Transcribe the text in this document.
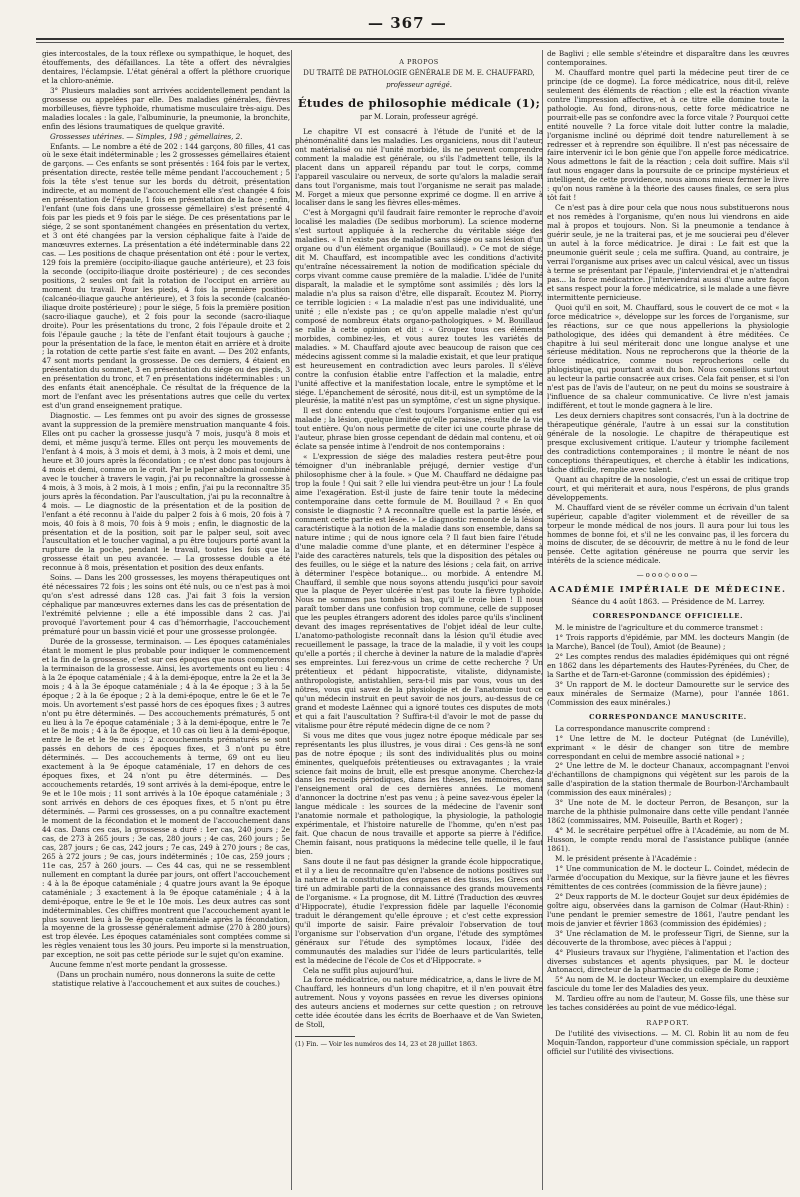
— 367 —

gies intercostales, de la toux réflexe ou sympathique, le hoquet, des étouffements, des défaillances. La tête a offert des névralgies dentaires, l'éclampsie. L'état général a offert la pléthore cruorique et la chloro-anémie.

3° Plusieurs maladies sont arrivées accidentellement pendant la grossesse ou appelées par elle. Des maladies générales, fièvres morbilleuses, fièvre typhoïde, rhumatisme musculaire très-aigu. Des maladies locales : la gale, l'albuminurie, la pneumonie, la bronchite, enfin des lésions traumatiques de quelque gravité.

Grossesses utérines. — Simples, 198 ; gémellaires, 2.

Enfants. — Le nombre a été de 202 : 144 garçons, 80 filles, 41 cas où le sexe était indéterminable ; les 2 grossesses gémellaires étaient de garçons. — Ces enfants se sont présentés : 164 fois par le vertex, présentation directe, restée telle même pendant l'accouchement ; 5 fois la tête s'est tenue sur les bords du détroit, présentation indirecte, et au moment de l'accouchement elle s'est changée 4 fois en présentation de l'épaule, 1 fois en présentation de la face ; enfin, l'enfant (une fois dans une grossesse gémellaire) s'est présenté 4 fois par les pieds et 9 fois par le siége. De ces présentations par le siége, 2 se sont spontanément changées en présentation du vertex, et 3 ont été changées par la version céphalique faite à l'aide de manœuvres externes. La présentation a été indéterminable dans 22 cas. — Les positions de chaque présentation ont été : pour le vertex, 129 fois la première (occipito-iliaque gauche antérieure), et 23 fois la seconde (occipito-iliaque droite postérieure) ; de ces secondes positions, 2 seules ont fait la rotation de l'occiput en arrière au moment du travail. Pour les pieds, 4 fois la première position (calcanéo-iliaque gauche antérieure), et 3 fois la seconde (calcanéo-iliaque droite postérieure) ; pour le siége, 5 fois la première position (sacro-iliaque gauche), et 2 fois pour la seconde (sacro-iliaque droite). Pour les présentations du tronc, 2 fois l'épaule droite et 2 fois l'épaule gauche ; la tête de l'enfant était toujours à gauche ; pour la présentation de la face, le menton était en arrière et à droite ; la rotation de cette partie s'est faite en avant. — Des 202 enfants, 47 sont morts pendant la grossesse. De ces derniers, 4 étaient en présentation du sommet, 3 en présentation du siége ou des pieds, 3 en présentation du tronc, et 7 en présentations indéterminables : un des enfants était anencéphale. Ce résultat de la fréquence de la mort de l'enfant avec les présentations autres que celle du vertex est d'un grand enseignement pratique.

Diagnostic. — Les femmes ont pu avoir des signes de grossesse avant la suppression de la première menstruation manquante 4 fois. Elles ont pu cacher la grossesse jusqu'à 7 mois, jusqu'à 8 mois et demi, et même jusqu'à terme. Elles ont perçu les mouvements de l'enfant à 4 mois, à 3 mois et demi, à 3 mois, à 2 mois et demi, une heure et 30 jours après la fécondation ; ce n'est donc pas toujours à 4 mois et demi, comme on le croit. Par le palper abdominal combiné avec le toucher à travers le vagin, j'ai pu reconnaître la grossesse à 4 mois, à 3 mois, à 2 mois, à 1 mois ; enfin, j'ai pu la reconnaître 35 jours après la fécondation. Par l'auscultation, j'ai pu la reconnaître à 4 mois. — Le diagnostic de la présentation et de la position de l'enfant a été reconnu à l'aide du palper 2 fois à 6 mois, 20 fois à 7 mois, 40 fois à 8 mois, 70 fois à 9 mois ; enfin, le diagnostic de la présentation et de la position, soit par le palper seul, soit avec l'auscultation et le toucher vaginal, a pu être toujours porté avant la rupture de la poche, pendant le travail, toutes les fois que la grossesse était un peu avancée. — La grossesse double a été reconnue à 8 mois, présentation et position des deux enfants.

Soins. — Dans les 200 grossesses, les moyens thérapeutiques ont été nécessaires 72 fois ; les soins ont été nuls, ou ce n'est pas à moi qu'on s'est adressé dans 128 cas. J'ai fait 3 fois la version céphalique par manœuvres externes dans les cas de présentation de l'extrémité pelvienne ; elle a été impossible dans 2 cas. J'ai provoqué l'avortement pour 4 cas d'hémorrhagie, l'accouchement prématuré pour un bassin vicié et pour une grossesse prolongée.

Durée de la grossesse, terminaison. — Les époques cataméniales étant le moment le plus probable pour indiquer le commencement et la fin de la grossesse, c'est sur ces époques que nous compterons la terminaison de la grossesse. Ainsi, les avortements ont eu lieu : 4 à la 2e époque cataméniale ; 4 à la demi-époque, entre la 2e et la 3e mois ; 4 à la 3e époque cataméniale ; 4 à la 4e époque ; 3 à la 5e époque ; 2 à la 6e époque ; 2 à la demi-époque, entre le 6e et le 7e mois. Un avortement s'est passé hors de ces époques fixes ; 3 autres n'ont pu être déterminés. — Des accouchements prématurés, 5 ont eu lieu à la 7e époque cataméniale ; 3 à la demi-époque, entre le 7e et le 8e mois ; 4 à la 8e époque, et 10 cas où lieu à la demi-époque, entre le 8e et le 9e mois ; 2 accouchements prématurés se sont passés en dehors de ces époques fixes, et 3 n'ont pu être déterminés. — Des accouchements à terme, 69 ont eu lieu exactement à la 9e époque cataméniale, 17 en dehors de ces époques fixes, et 24 n'ont pu être déterminés. — Des accouchements retardés, 19 sont arrivés à la demi-époque, entre le 9e et le 10e mois ; 11 sont arrivés à la 10e époque cataméniale ; 3 sont arrivés en dehors de ces époques fixes, et 5 n'ont pu être déterminés. — Parmi ces grossesses, on a pu connaître exactement le moment de la fécondation et le moment de l'accouchement dans 44 cas. Dans ces cas, la grossesse a duré : 1er cas, 240 jours ; 2e cas, de 273 à 265 jours ; 3e cas, 280 jours ; 4e cas, 260 jours ; 5e cas, 287 jours ; 6e cas, 242 jours ; 7e cas, 249 à 270 jours ; 8e cas, 265 à 272 jours ; 9e cas, jours indéterminés ; 10e cas, 259 jours ; 11e cas, 257 à 260 jours. — Ces 44 cas, qui ne se ressemblent nullement en comptant la durée par jours, ont offert l'accouchement : 4 à la 8e époque cataméniale ; 4 quatre jours avant la 9e époque cataméniale ; 3 exactement à la 9e époque cataméniale ; 4 à la demi-époque, entre le 9e et le 10e mois. Les deux autres cas sont indéterminables. Ces chiffres montrent que l'accouchement ayant le plus souvent lieu à la 9e époque cataméniale après la fécondation, la moyenne de la grossesse généralement admise (270 à 280 jours) est trop élevée. Les époques cataméniales sont comptées comme si les règles venaient tous les 30 jours. Peu importe si la menstruation, par exception, ne soit pas cette période sur le sujet qu'on examine.

Aucune femme n'est morte pendant la grossesse.

(Dans un prochain numéro, nous donnerons la suite de cette statistique relative à l'accouchement et aux suites de couches.)

A PROPOS
DU TRAITÉ DE PATHOLOGIE GÉNÉRALE DE M. E. CHAUFFARD,
professeur agrégé.
Études de philosophie médicale (1);
par M. Lorain, professeur agrégé.

Le chapitre VI est consacré à l'étude de l'unité et de la phénoménalité dans les maladies. Les organiciens, nous dit l'auteur, ont matérialisé ou nié l'unité morbide, ils ne peuvent comprendre comment la maladie est générale, ou s'ils l'admettent telle, ils la placent dans un appareil répandu par tout le corps, comme l'appareil vasculaire ou nerveux, de sorte qu'alors la maladie serait dans tout l'organisme, mais tout l'organisme ne serait pas malade. M. Forget a mieux que personne exprimé ce dogme. Il en arrive à localiser dans le sang les fièvres elles-mêmes.

C'est à Morgagni qu'il faudrait faire remonter le reproche d'avoir localisé les maladies (De sedibus morborum). La science moderne s'est surtout appliquée à la recherche du véritable siége des maladies. « Il n'existe pas de maladie sans siége ou sans lésion d'un organe ou d'un élément organique (Bouillaud). » Ce mot de siége, dit M. Chauffard, est incompatible avec les conditions d'activité qu'entraîne nécessairement la notion de modification spéciale du corps vivant comme cause première de la maladie. L'idée de l'unité disparaît, la maladie et le symptôme sont assimilés ; dès lors la maladie n'a plus sa raison d'être, elle disparaît. Ecoutez M. Piorry, ce terrible logicien : « La maladie n'est pas une individualité, une unité ; elle n'existe pas ; ce qu'on appelle maladie n'est qu'un composé de nombreux états organo-pathologiques. » M. Bouillaud se rallie à cette opinion et dit : « Groupez tous ces éléments morbides, combinez-les, et vous aurez toutes les variétés de maladies. » M. Chauffard ajoute avec beaucoup de raison que ces médecins agissent comme si la maladie existait, et que leur pratique est heureusement en contradiction avec leurs paroles. Il s'élève contre la confusion établie entre l'affection et la maladie, entre l'unité affective et la manifestation locale, entre le symptôme et le siége. L'épanchement de sérosité, nous dit-il, est un symptôme de la pleurésie, la matité n'est pas un symptôme, c'est un signe physique.

Il est donc entendu que c'est toujours l'organisme entier qui est malade ; la lésion, quelque limitée qu'elle paraisse, résulte de la vie tout entière. Qu'on nous permette de citer ici une courte phrase de l'auteur, phrase bien grosse cependant de dédain mal contenu, et où éclate sa pensée intime à l'endroit de nos contemporains :

« L'expression de siége des maladies restera peut-être pour témoigner d'un inébranlable préjugé, dernier vestige d'un philosophisme cher à la foule. » Que M. Chauffard ne dédaigne pas trop la foule ! Qui sait ? elle lui viendra peut-être un jour ! La foule aime l'exagération. Est-il juste de faire tenir toute la médecine contemporaine dans cette formule de M. Bouillaud ? « En quoi consiste le diagnostic ? A reconnaître quelle est la partie lésée, et comment cette partie est lésée. » Le diagnostic remonte de la lésion caractéristique à la notion de la maladie dans son ensemble, dans sa nature intime ; qui de nous ignore cela ? Il faut bien faire l'étude d'une maladie comme d'une plante, et en déterminer l'espèce à l'aide des caractères naturels, tels que la disposition des pétales ou des feuilles, ou le siége et la nature des lésions ; cela fait, on arrive à déterminer l'espèce botanique... ou morbide. A entendre M. Chauffard, il semble que nous soyons attendu jusqu'ici pour savoir que la plaque de Peyer ulcérée n'est pas toute la fièvre typhoïde. Nous ne sommes pas tombés si bas, qu'il le croie bien ! Il nous paraît tomber dans une confusion trop commune, celle de supposer que les peuples étrangers adorent des idoles parce qu'ils s'inclinent devant des images représentatives de l'objet idéal de leur culte. L'anatomo-pathologiste reconnaît dans la lésion qu'il étudie avec recueillement le passage, la trace de la maladie, il y voit les coups qu'elle a portés ; il cherche à deviner la nature de la maladie d'après ses empreintes. Lui ferez-vous un crime de cette recherche ? Un prétentieux et pédant hippocratiste, vitaliste, didynamiste, anthropologiste, antistahlien, sera-t-il mis par vous, vous un des nôtres, vous qui savez de la physiologie et de l'anatomie tout ce qu'un médecin instruit en peut savoir de nos jours, au-dessus de ce grand et modeste Laënnec qui a ignoré toutes ces disputes de mots et qui a fait l'auscultation ? Suffira-t-il d'avoir le mot de passe du vitalisme pour être réputé médecin digne de ce nom ?

Si vous me dites que vous jugez notre époque médicale par ses représentants les plus illustres, je vous dirai : Ces gens-là ne sont pas de notre époque ; ils sont des individualités plus ou moins éminentes, quelquefois prétentieuses ou extravagantes ; la vraie science fait moins de bruit, elle est presque anonyme. Cherchez-la dans les recueils périodiques, dans les thèses, les mémoires, dans l'enseignement oral de ces dernières années. Le moment d'annoncer la doctrine n'est pas venu ; à peine savez-vous épeler la langue médicale : les sources de la médecine de l'avenir sont l'anatomie normale et pathologique, la physiologie, la pathologie expérimentale, et l'histoire naturelle de l'homme, qu'en n'est pas fait. Que chacun de nous travaille et apporte sa pierre à l'édifice. Chemin faisant, nous pratiquons la médecine telle quelle, il le faut bien.

Sans doute il ne faut pas désigner la grande école hippocratique, et il y a lieu de reconnaître qu'en l'absence de notions positives sur la nature et la constitution des organes et des tissus, les Grecs ont tiré un admirable parti de la connaissance des grands mouvements de l'organisme. « La prognose, dit M. Littré (Traduction des œuvres d'Hippocrate), étudie l'expression fidèle par laquelle l'économie traduit le dérangement qu'elle éprouve ; et c'est cette expression qu'il importe de saisir. Faire prévaloir l'observation de tout l'organisme sur l'observation d'un organe, l'étude des symptômes généraux sur l'étude des symptômes locaux, l'idée des communautés des maladies sur l'idée de leurs particularités, telle est la médecine de l'école de Cos et d'Hippocrate. »

Cela ne suffit plus aujourd'hui.

La force médicatrice, ou nature médicatrice, a, dans le livre de M. Chauffard, les honneurs d'un long chapitre, et il n'en pouvait être autrement. Nous y voyons passées en revue les diverses opinions des auteurs anciens et modernes sur cette question ; on retrouve cette idée écoutée dans les écrits de Boerhaave et de Van Swieten, de Stoll,

(1) Fin. — Voir les numéros des 14, 23 et 28 juillet 1863.

de Baglivi ; elle semble s'éteindre et disparaître dans les œuvres contemporaines.

M. Chauffard montre quel parti la médecine peut tirer de ce principe (de ce dogme). La force médicatrice, nous dit-il, relève seulement des éléments de réaction ; elle est la réaction vivante contre l'impression affective, et à ce titre elle domine toute la pathologie. Au fond, dirons-nous, cette force médicatrice ne pourrait-elle pas se confondre avec la force vitale ? Pourquoi cette entité nouvelle ? La force vitale doit lutter contre la maladie, l'organisme incliné ou déprimé doit tendre naturellement à se redresser et à reprendre son équilibre. Il n'est pas nécessaire de faire intervenir ici le bon génie que l'on appelle force médicatrice. Nous admettons le fait de la réaction ; cela doit suffire. Mais s'il faut nous engager dans la poursuite de ce principe mystérieux et intelligent, de cette providence, nous aimons mieux fermer le livre : qu'on nous ramène à la théorie des causes finales, ce sera plus tôt fait !

Ce n'est pas à dire pour cela que nous nous substituerons nous et nos remèdes à l'organisme, qu'en nous lui viendrons en aide mal à propos et toujours. Non. Si la pneumonie a tendance à guérir seule, je ne la traiterai pas, et je me soucierai peu d'élever un autel à la force médicatrice. Je dirai : Le fait est que la pneumonie guérit seule ; cela me suffira. Quand, au contraire, je verrai l'organisme aux prises avec un calcul vésical, avec un tissus à terme se présentant par l'épaule, j'interviendrai et je n'attendrai pas... la force médicatrice. J'interviendrai aussi d'une autre façon et sans respect pour la force médicatrice, si le malade a une fièvre intermittente pernicieuse.

Quoi qu'il en soit, M. Chauffard, sous le couvert de ce mot « la force médicatrice », développe sur les forces de l'organisme, sur les réactions, sur ce que nous appellerions la physiologie pathologique, des idées qui demandent à être méditées. Ce chapitre à lui seul mériterait donc une longue analyse et une sérieuse méditation. Nous ne reprocherons que la théorie de la force médicatrice, comme nous reprocherions celle du phlogistique, qui pourtant avait du bon. Nous conseillons surtout au lecteur la partie consacrée aux crises. Cela fait penser, et si l'on n'est pas de l'avis de l'auteur, on ne peut du moins se soustraire à l'influence de sa chaleur communicative. Ce livre n'est jamais indifférent, et tout le monde gagnera à le lire.

Les deux derniers chapitres sont consacrés, l'un à la doctrine de thérapeutique générale, l'autre à un essai sur la constitution générale de la nosologie. Le chapitre de thérapeutique est presque exclusivement critique. L'auteur y triomphe facilement des contradictions contemporaines ; il montre le néant de nos conceptions thérapeutiques, et cherche à établir les indications, tâche difficile, remplie avec talent.

Quant au chapitre de la nosologie, c'est un essai de critique trop court, et qui mériterait et aura, nous l'espérons, de plus grands développements.

M. Chauffard vient de se révéler comme un écrivain d'un talent supérieur, capable d'agiter violemment et de réveiller de sa torpeur le monde médical de nos jours. Il aura pour lui tous les hommes de bonne foi, et s'il ne les convainc pas, il les forcera du moins de discuter, de se découvrir, de mettre à nu le fond de leur pensée. Cette agitation généreuse ne pourra que servir les intérêts de la science médicale.

—ooo◇ooo—
ACADÉMIE IMPÉRIALE DE MÉDECINE.
Séance du 4 août 1863. — Présidence de M. Larrey.
CORRESPONDANCE OFFICIELLE.

M. le ministre de l'agriculture et du commerce transmet :

1° Trois rapports d'épidémie, par MM. les docteurs Mangin (de la Marche), Bancel (de Toul), Amiot (de Beaune) ;

2° Les comptes rendus des maladies épidémiques qui ont régné en 1862 dans les départements des Hautes-Pyrénées, du Cher, de la Sarthe et de Tarn-et-Garonne (commission des épidémies) ;

3° Un rapport de M. le docteur Damourette sur le service des eaux minérales de Sermaize (Marne), pour l'année 1861. (Commission des eaux minérales.)

CORRESPONDANCE MANUSCRITE.

La correspondance manuscrite comprend :

1° Une lettre de M. le docteur Putégnat (de Lunéville), exprimant « le désir de changer son titre de membre correspondant en celui de membre associé national » ;

2° Une lettre de M. le docteur Chanaux, accompagnant l'envoi d'échantillons de champignons qui végètent sur les parois de la salle d'aspiration de la station thermale de Bourbon-l'Archambault (commission des eaux minérales) ;

3° Une note de M. le docteur Perron, de Besançon, sur la marche de la phthisie pulmonaire dans cette ville pendant l'année 1862 (commissaires, MM. Poiseuille, Barth et Roger) ;

4° M. le secrétaire perpétuel offre à l'Académie, au nom de M. Husson, le compte rendu moral de l'assistance publique (année 1861).

M. le président présente à l'Académie :

1° Une communication de M. le docteur L. Coindet, médecin de l'armée d'occupation du Mexique, sur la fièvre jaune et les fièvres rémittentes de ces contrées (commission de la fièvre jaune) ;

2° Deux rapports de M. le docteur Goujet sur deux épidémies de goître aigu, observées dans la garnison de Colmar (Haut-Rhin) : l'une pendant le premier semestre de 1861, l'autre pendant les mois de janvier et février 1863 (commission des épidémies) ;

3° Une réclamation de M. le professeur Tigri, de Sienne, sur la découverte de la thrombose, avec pièces à l'appui ;

4° Plusieurs travaux sur l'hygiène, l'alimentation et l'action des diverses substances et agents physiques, par M. le docteur Antonacci, directeur de la pharmacie du collège de Rome ;

5° Au nom de M. le docteur Wecker, un exemplaire du deuxième fascicule du tome Ier des Maladies des yeux.

M. Tardieu offre au nom de l'auteur, M. Gosse fils, une thèse sur les taches considérées au point de vue médico-légal.

RAPPORT.

De l'utilité des vivisections. — M. Cl. Robin lit au nom de feu Moquin-Tandon, rapporteur d'une commission spéciale, un rapport officiel sur l'utilité des vivisections.
